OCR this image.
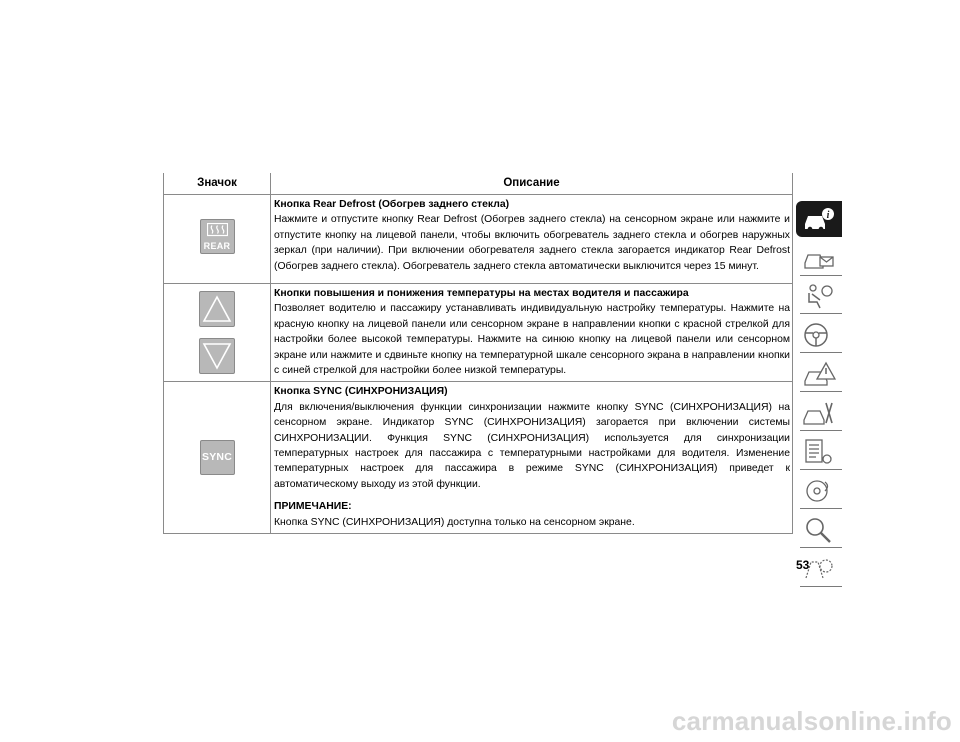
Значок	Описание

REAR	Кнопка Rear Defrost (Обогрев заднего стекла)
Нажмите и отпустите кнопку Rear Defrost (Обогрев заднего стекла) на сенсорном экране или нажмите и отпустите кнопку на лицевой панели, чтобы включить обогреватель заднего стекла и обогрев наружных зеркал (при наличии). При включении обогревателя заднего стекла загорается индикатор Rear Defrost (Обогрев заднего стекла). Обогреватель заднего стекла автоматически выключится через 15 минут.

Кнопки повышения и понижения температуры на местах водителя и пассажира
Позволяет водителю и пассажиру устанавливать индивидуальную настройку температуры. Нажмите на красную кнопку на лицевой панели или сенсорном экране в направлении кнопки с красной стрелкой для настройки более высокой температуры. Нажмите на синюю кнопку на лицевой панели или сенсорном экране или нажмите и сдвиньте кнопку на температурной шкале сенсорного экрана в направлении кнопки с синей стрелкой для настройки более низкой температуры.

SYNC	Кнопка SYNC (СИНХРОНИЗАЦИЯ)
Для включения/выключения функции синхронизации нажмите кнопку SYNC (СИНХРОНИЗАЦИЯ) на сенсорном экране. Индикатор SYNC (СИНХРОНИЗАЦИЯ) загорается при включении системы СИНХРОНИЗАЦИИ. Функция SYNC (СИНХРОНИЗАЦИЯ) используется для синхронизации температурных настроек для пассажира с температурными настройками для водителя. Изменение температурных настроек для пассажира в режиме SYNC (СИНХРОНИЗАЦИЯ) приведет к автоматическому выходу из этой функции.
ПРИМЕЧАНИЕ:
Кнопка SYNC (СИНХРОНИЗАЦИЯ) доступна только на сенсорном экране.
i
53
carmanualsonline.info
